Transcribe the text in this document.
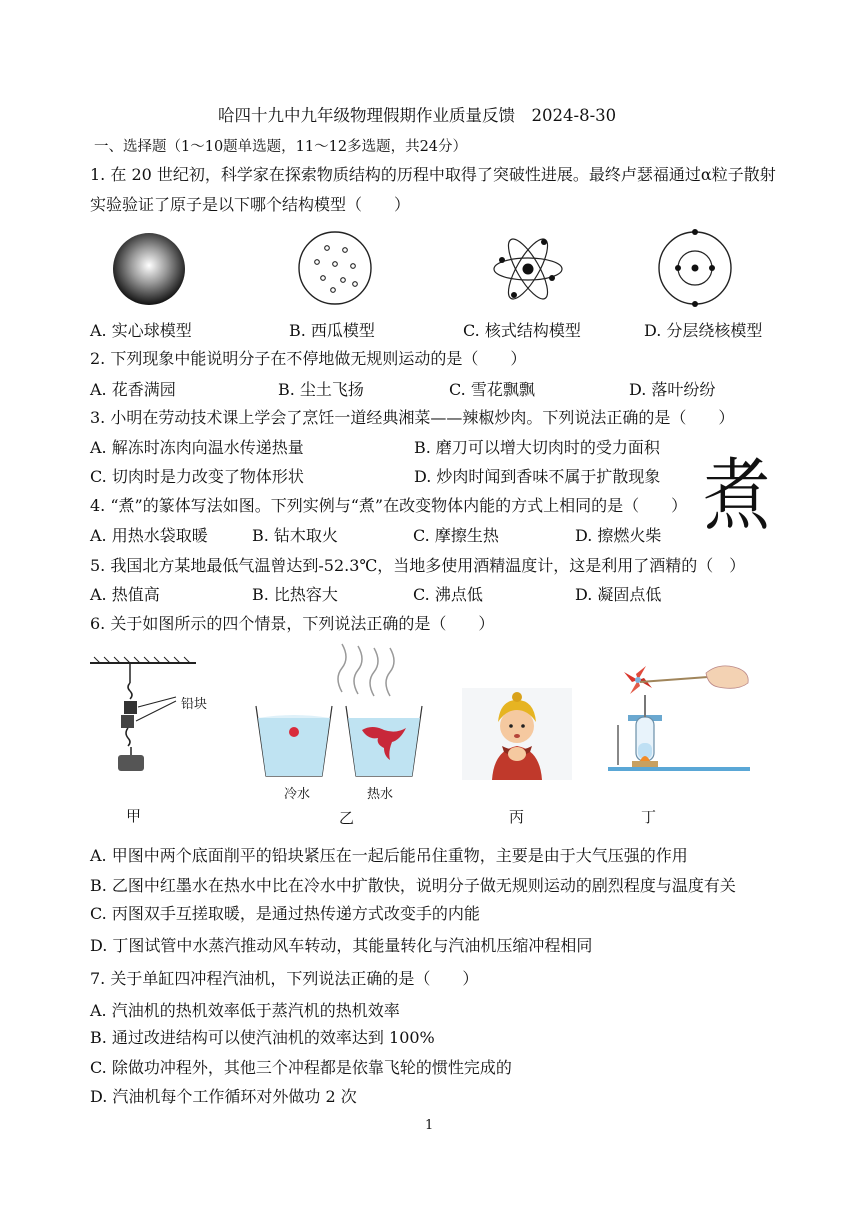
哈四十九中九年级物理假期作业质量反馈　2024-8-30
一、选择题（1～10题单选题，11～12多选题，共24分）
1. 在 20 世纪初，科学家在探索物质结构的历程中取得了突破性进展。最终卢瑟福通过α粒子散射
实验验证了原子是以下哪个结构模型（　　）
A. 实心球模型	B. 西瓜模型	C. 核式结构模型	D. 分层绕核模型
2. 下列现象中能说明分子在不停地做无规则运动的是（　　）
A. 花香满园	B. 尘土飞扬	C. 雪花飘飘	D. 落叶纷纷
3. 小明在劳动技术课上学会了烹饪一道经典湘菜——辣椒炒肉。下列说法正确的是（　　）
A. 解冻时冻肉向温水传递热量	B. 磨刀可以增大切肉时的受力面积
C. 切肉时是力改变了物体形状	D. 炒肉时闻到香味不属于扩散现象 煮
4. “煮”的篆体写法如图。下列实例与“煮”在改变物体内能的方式上相同的是（　　）
A. 用热水袋取暖	B. 钻木取火	C. 摩擦生热	D. 擦燃火柴
5. 我国北方某地最低气温曾达到-52.3℃，当地多使用酒精温度计，这是利用了酒精的（　）
A. 热值高	B. 比热容大	C. 沸点低	D. 凝固点低
6. 关于如图所示的四个情景，下列说法正确的是（　　）
铅块
冷水	热水
甲	乙	丙	丁
A. 甲图中两个底面削平的铅块紧压在一起后能吊住重物，主要是由于大气压强的作用
B. 乙图中红墨水在热水中比在冷水中扩散快，说明分子做无规则运动的剧烈程度与温度有关
C. 丙图双手互搓取暖，是通过热传递方式改变手的内能
D. 丁图试管中水蒸汽推动风车转动，其能量转化与汽油机压缩冲程相同
7. 关于单缸四冲程汽油机，下列说法正确的是（　　）
A. 汽油机的热机效率低于蒸汽机的热机效率
B. 通过改进结构可以使汽油机的效率达到 100%
C. 除做功冲程外，其他三个冲程都是依靠飞轮的惯性完成的
D. 汽油机每个工作循环对外做功 2 次
1
